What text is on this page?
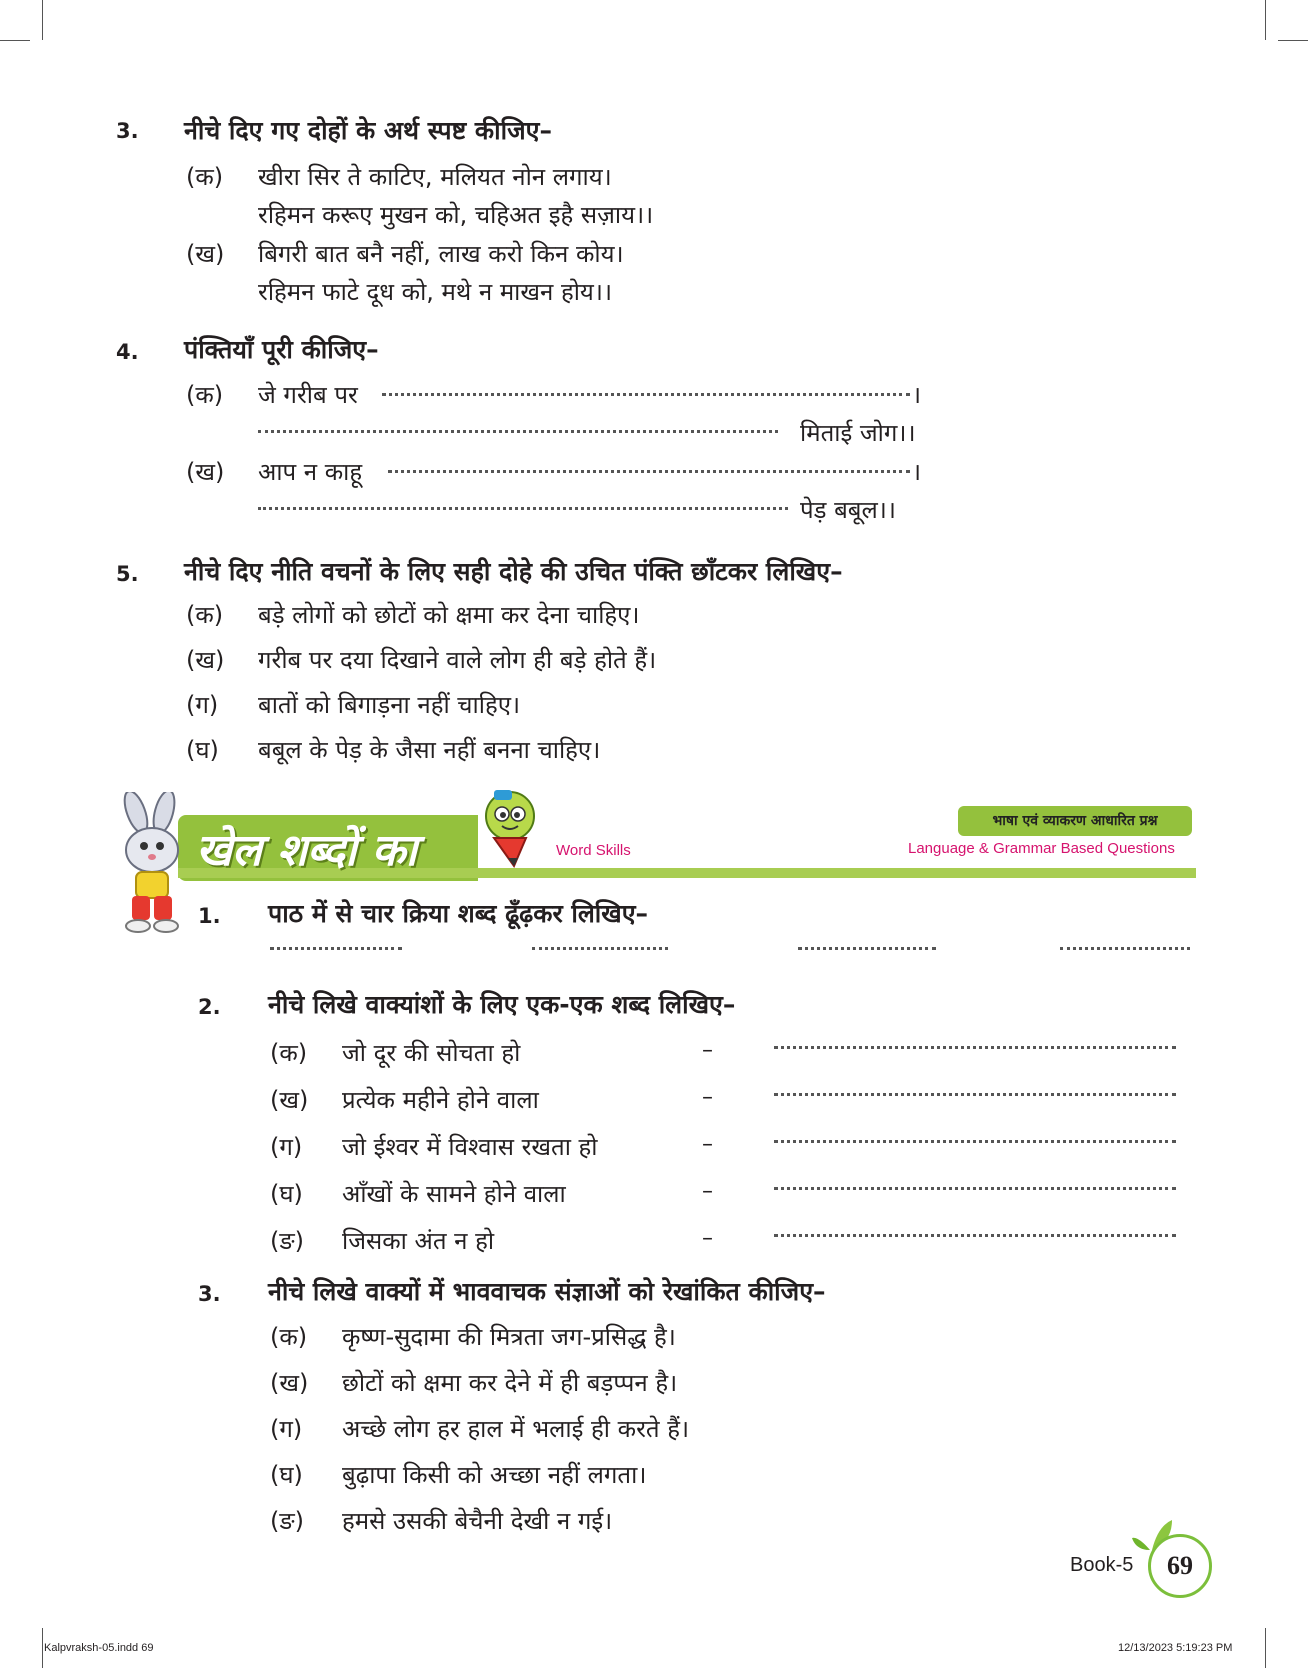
3. नीचे दिए गए दोहों के अर्थ स्पष्ट कीजिए–
(क) खीरा सिर ते काटिए, मलियत नोन लगाय।
रहिमन करूए मुखन को, चहिअत इहै सज़ाय।।
(ख) बिगरी बात बनै नहीं, लाख करो किन कोय।
रहिमन फाटे दूध को, मथे न माखन होय।।
4. पंक्तियाँ पूरी कीजिए–
(क) जे गरीब पर	।
मिताई जोग।।
(ख) आप न काहू	।
पेड़ बबूल।।
5. नीचे दिए नीति वचनों के लिए सही दोहे की उचित पंक्ति छाँटकर लिखिए–
(क) बड़े लोगों को छोटों को क्षमा कर देना चाहिए।
(ख) गरीब पर दया दिखाने वाले लोग ही बड़े होते हैं।
(ग) बातों को बिगाड़ना नहीं चाहिए।
(घ) बबूल के पेड़ के जैसा नहीं बनना चाहिए।
खेल शब्दों का	Word Skills
भाषा एवं व्याकरण आधारित प्रश्न
Language & Grammar Based Questions
1. पाठ में से चार क्रिया शब्द ढूँढ़कर लिखिए–
2. नीचे लिखे वाक्यांशों के लिए एक-एक शब्द लिखिए–
(क) जो दूर की सोचता हो	–
(ख) प्रत्येक महीने होने वाला	–
(ग) जो ईश्वर में विश्वास रखता हो	–
(घ) आँखों के सामने होने वाला	–
(ङ) जिसका अंत न हो	–
3. नीचे लिखे वाक्यों में भाववाचक संज्ञाओं को रेखांकित कीजिए–
(क) कृष्ण-सुदामा की मित्रता जग-प्रसिद्ध है।
(ख) छोटों को क्षमा कर देने में ही बड़प्पन है।
(ग) अच्छे लोग हर हाल में भलाई ही करते हैं।
(घ) बुढ़ापा किसी को अच्छा नहीं लगता।
(ङ) हमसे उसकी बेचैनी देखी न गई।
Book-5	69
Kalpvraksh-05.indd 69	12/13/2023 5:19:23 PM
